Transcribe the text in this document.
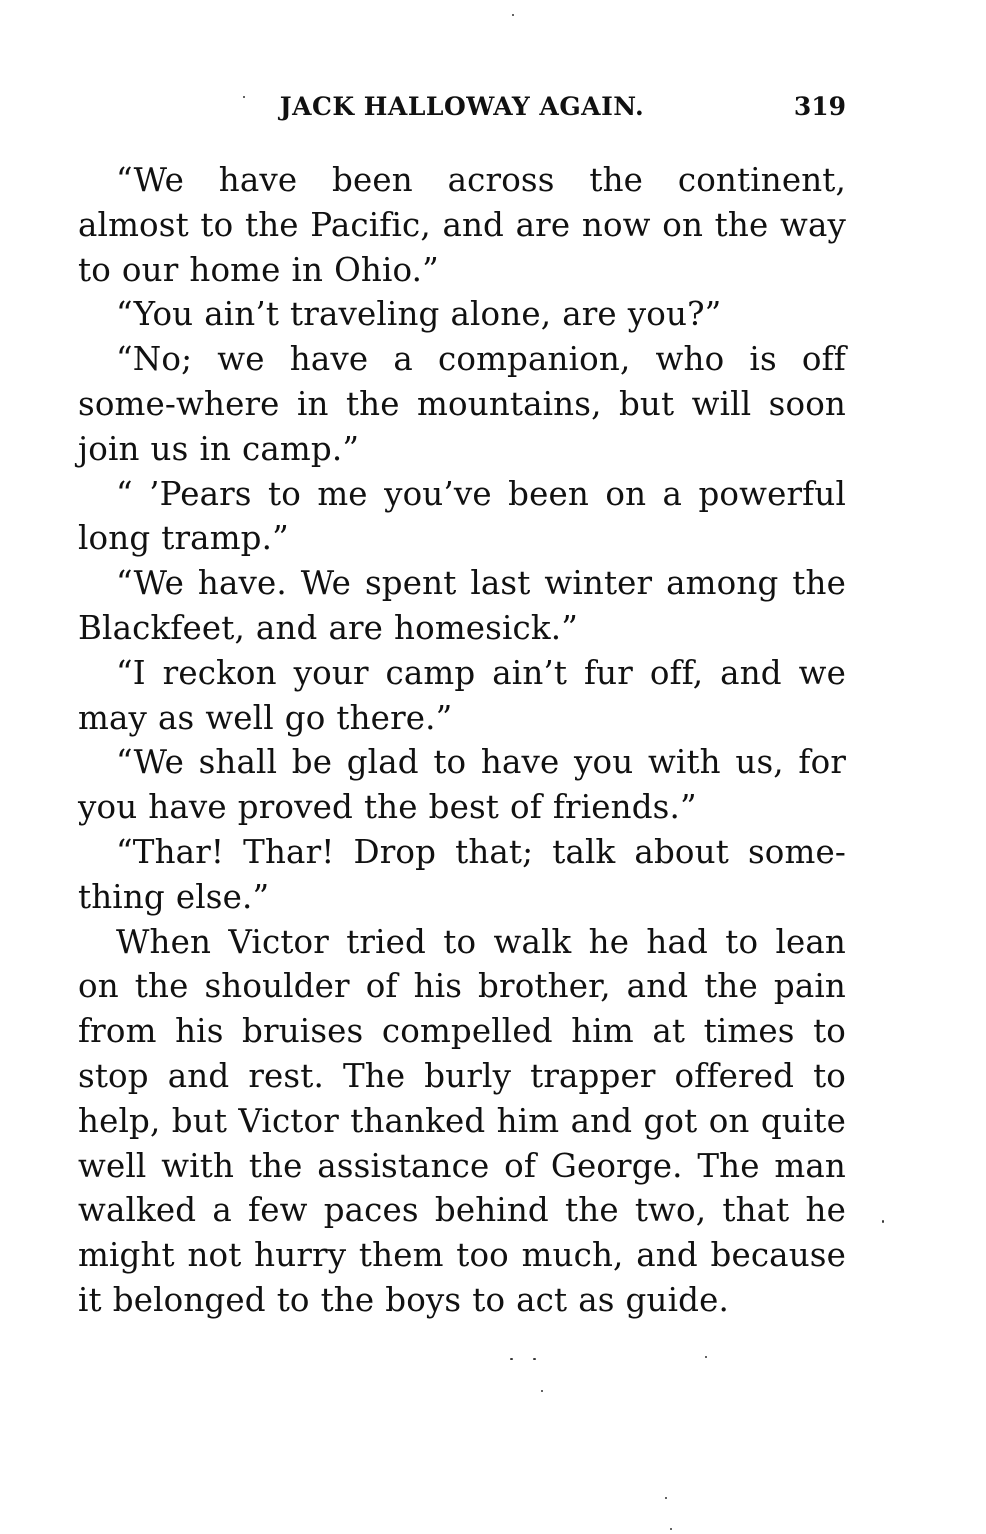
JACK HALLOWAY AGAIN.	319

“We have been across the continent, almost to the Pacific, and are now on the way to our home in Ohio.”

“You ain’t traveling alone, are you?”

“No; we have a companion, who is off some-where in the mountains, but will soon join us in camp.”

“ ’Pears to me you’ve been on a powerful long tramp.”

“We have. We spent last winter among the Blackfeet, and are homesick.”

“I reckon your camp ain’t fur off, and we may as well go there.”

“We shall be glad to have you with us, for you have proved the best of friends.”

“Thar! Thar! Drop that; talk about some-thing else.”

When Victor tried to walk he had to lean on the shoulder of his brother, and the pain from his bruises compelled him at times to stop and rest. The burly trapper offered to help, but Victor thanked him and got on quite well with the assistance of George. The man walked a few paces behind the two, that he might not hurry them too much, and because it belonged to the boys to act as guide.
